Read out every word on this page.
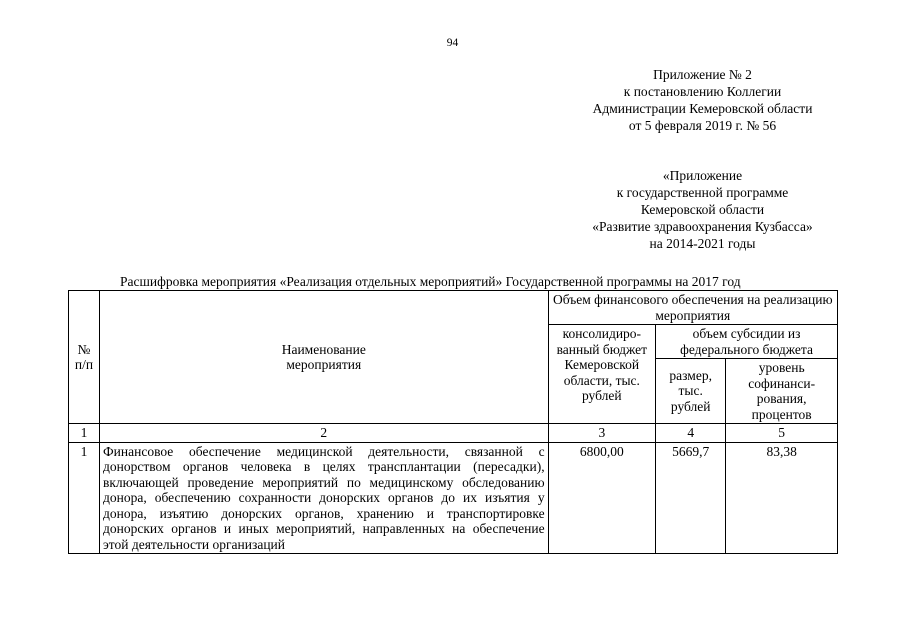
94
Приложение № 2
к постановлению Коллегии
Администрации Кемеровской области
от 5 февраля 2019 г. № 56
«Приложение
к государственной программе
Кемеровской области
«Развитие здравоохранения Кузбасса»
на 2014-2021 годы
Расшифровка мероприятия «Реализация отдельных мероприятий» Государственной программы на 2017 год
№ п/п	Наименование мероприятия	Объем финансового обеспечения на реализацию мероприятия		
		консолидиро-ванный бюджет Кемеровской области, тыс. рублей	объем субсидии из федерального бюджета	
			размер, тыс. рублей	уровень софинанси-рования, процентов
1	2	3	4	5
1	Финансовое обеспечение медицинской деятельности, связанной с донорством органов человека в целях трансплантации (пересадки), включающей проведение мероприятий по медицинскому обследованию донора, обеспечению сохранности донорских органов до их изъятия у донора, изъятию донорских органов, хранению и транспортировке донорских органов и иных мероприятий, направленных на обеспечение этой деятельности организаций	6800,00	5669,7	83,38
